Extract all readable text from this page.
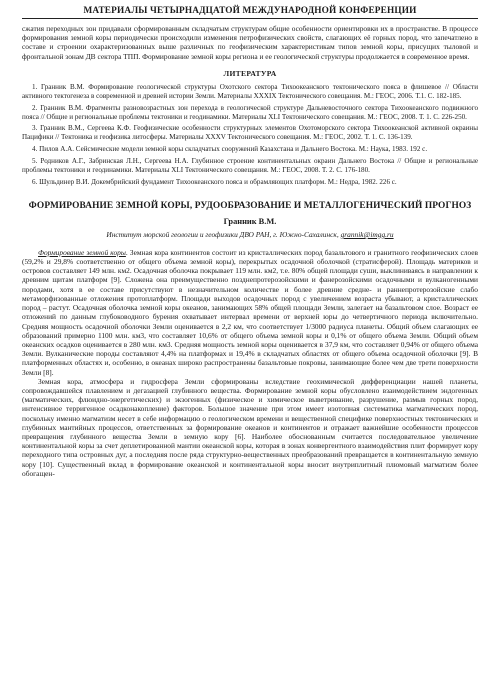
МАТЕРИАЛЫ ЧЕТЫРНАДЦАТОЙ МЕЖДУНАРОДНОЙ КОНФЕРЕНЦИИ

сжатия переходных зон придавали сформированным складчатым структурам общие особенности ориентировки их в пространстве. В процессе формирования земной коры периодически происходили изменения петрофизических свойств, слагающих её горных пород, что запечатлено в составе и строении охарактеризованных выше различных по геофизическим характеристикам типов земной коры, присущих тыловой и фронтальной зонам ДВ сектора ТПП. Формирование земной коры региона и ее геологической структуры продолжается в современное время.

ЛИТЕРАТУРА
1. Гранник В.М. Формирование геологической структуры Охотского сектора Тихоокеанского тектонического пояса в флишевое // Области активного тектогенеза в современной и древней истории Земли. Материалы XXXIX Тектонического совещания. М.: ГЕОС, 2006. Т.1. С. 182-185.
2. Гранник В.М. Фрагменты разновозрастных зон перехода в геологической структуре Дальневосточного сектора Тихоокеанского подвижного пояса // Общие и региональные проблемы тектоники и геодинамики. Материалы XLI Тектонического совещания. М.: ГЕОС, 2008. Т. 1. С. 226-250.
3. Гранник В.М., Сергеева К.Ф. Геофизические особенности структурных элементов Охотоморского сектора Тихоокеанской активной окраины Пацифики // Тектоника и геофизика литосферы. Материалы XXXV Тектонического совещания. М.: ГЕОС, 2002. Т. 1. С. 136-139.
4. Пилов А.А. Сейсмические модели земной коры складчатых сооружений Казахстана и Дальнего Востока. М.: Наука, 1983. 192 с.
5. Родников А.Г., Забринская Л.Н., Сергеева Н.А. Глубинное строение континентальных окраин Дальнего Востока // Общие и региональные проблемы тектоники и геодинамики. Материалы XLI Тектонического совещания. М.: ГЕОС, 2008. Т. 2. С. 176-180.
6. Шульдинер В.И. Докембрийский фундамент Тихоокеанского пояса и обрамляющих платформ. М.: Недра, 1982. 226 с.
ФОРМИРОВАНИЕ ЗЕМНОЙ КОРЫ, РУДООБРАЗОВАНИЕ И МЕТАЛЛОГЕНИЧЕСКИЙ ПРОГНОЗ
Гранник В.М.
Институт морской геологии и геофизики ДВО РАН, г. Южно-Сахалинск, grannik@imgg.ru

Формирование земной коры. Земная кора континентов состоит из кристаллических пород базальтового и гранитного геофизических слоев (59,2% и 29,8% соответственно от общего объема земной коры), перекрытых осадочной оболочкой (стратисферой). Площадь материков и островов составляет 149 млн. км2. Осадочная оболочка покрывает 119 млн. км2, т.е. 80% общей площади суши, выклиниваясь в направлении к древним щитам платформ [9]. Сложена она преимущественно позднепротерозойскими и фанерозойскими осадочными и вулканогенными породами, хотя в ее составе присутствуют в незначительном количестве и более древние средне- и раннепротерозойские слабо метаморфизованные отложения протоплатформ. Площади выходов осадочных пород с увеличением возраста убывают, а кристаллических пород – растут. Осадочная оболочка земной коры океанов, занимающих 58% общей площади Земли, залегает на базальтовом слое. Возраст ее отложений по данным глубоководного бурения охватывает интервал времени от верхней юры до четвертичного периода включительно. Средняя мощность осадочной оболочки Земли оценивается в 2,2 км, что соответствует 1/3000 радиуса планеты. Общий объем слагающих ее образований примерно 1100 млн. км3, что составляет 10,6% от общего объема земной коры и 0,1% от общего объема Земли. Общий объем океанских осадков оценивается в 280 млн. км3. Средняя мощность земной коры оценивается в 37,9 км, что составляет 0,94% от общего объема Земли. Вулканические породы составляют 4,4% на платформах и 19,4% в складчатых областях от общего объема осадочной оболочки [9]. В платформенных областях и, особенно, в океанах широко распространены базальтовые покровы, занимающие более чем две трети поверхности Земли [8].

Земная кора, атмосфера и гидросфера Земли сформированы вследствие геохимической дифференциации нашей планеты, сопровождавшейся плавлением и дегазацией глубинного вещества. Формирование земной коры обусловлено взаимодействием эндогенных (магматических, флюидно-энергетических) и экзогенных (физическое и химическое выветривание, разрушение, размыв горных пород, интенсивное терригенное осадконакопление) факторов. Большое значение при этом имеет изотопная систематика магматических пород, поскольку именно магматизм несет в себе информацию о геологическом времени и вещественной специфике поверхностных тектонических и глубинных мантийных процессов, ответственных за формирование океанов и континентов и отражает важнейшие особенности процессов превращения глубинного вещества Земли в земную кору [6]. Наиболее обоснованным считается последовательное увеличение континентальной коры за счет деплетированной мантии океанской коры, которая в зонах конвергентного взаимодействия плит формирует кору переходного типа островных дуг, а последняя после ряда структурно-вещественных преобразований превращается в континентальную земную кору [10]. Существенный вклад в формирование океанской и континентальной коры вносит внутриплитный плюмовый магматизм более обогащен-
